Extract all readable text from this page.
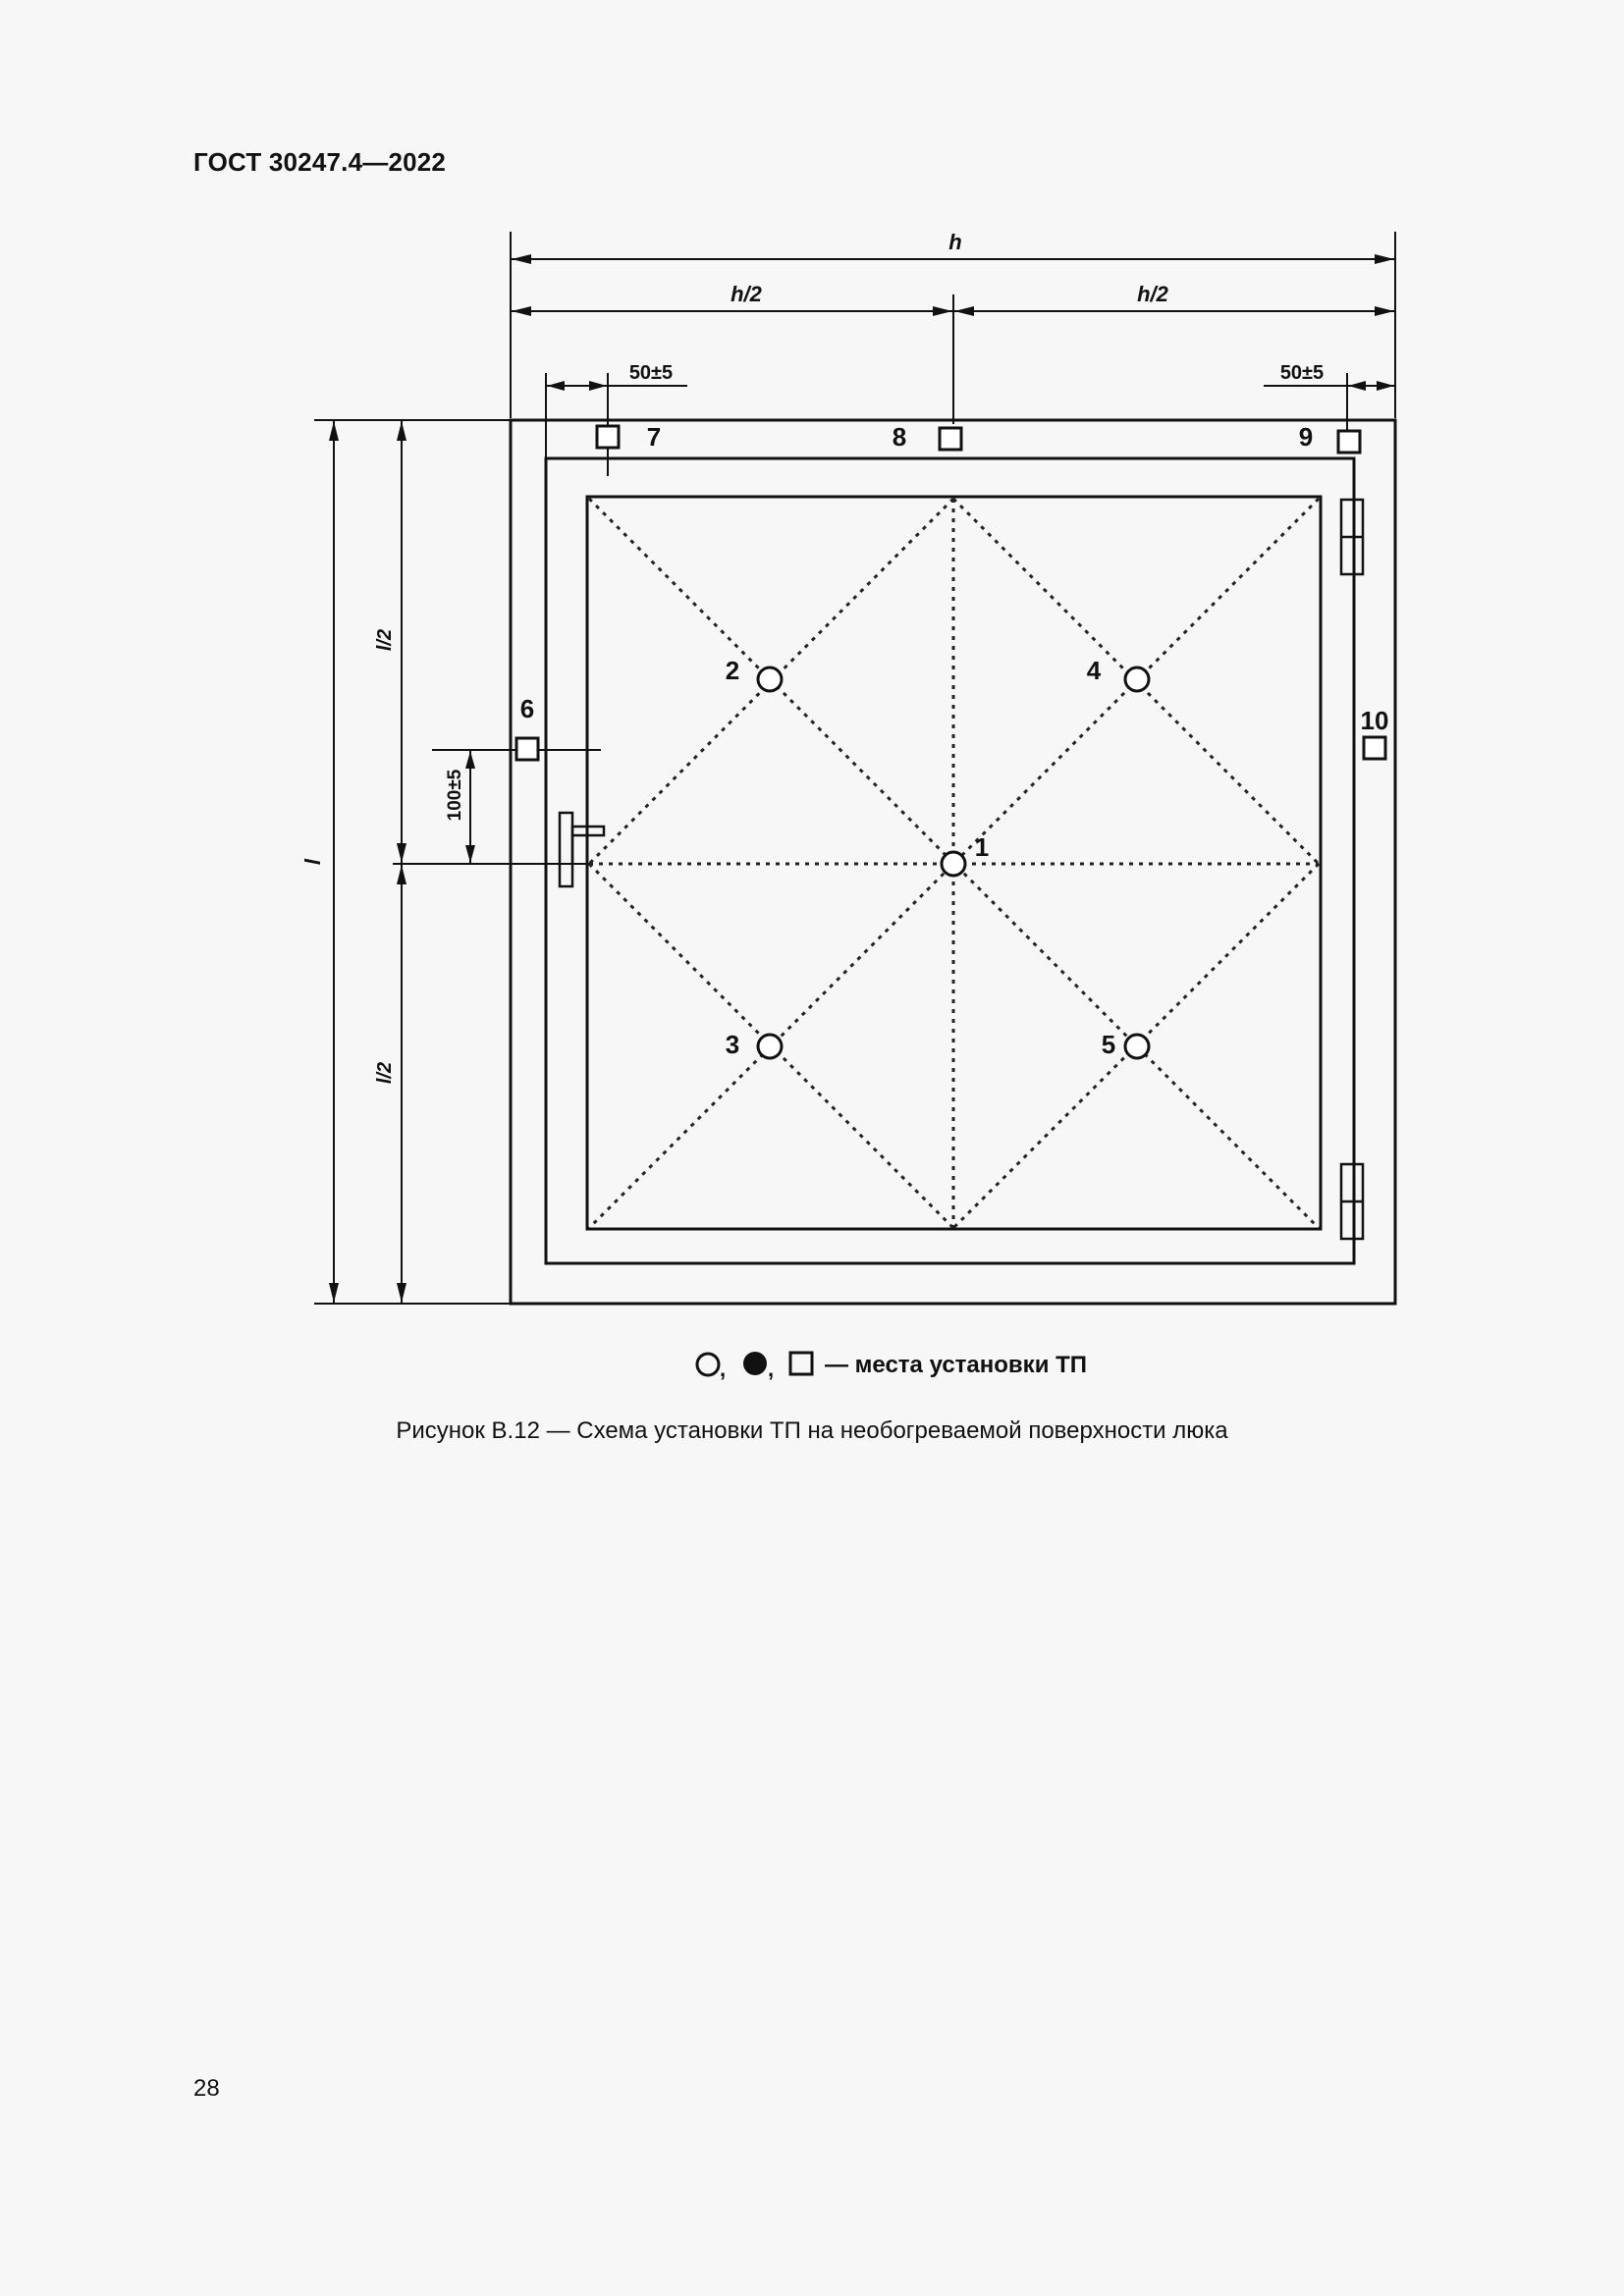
ГОСТ 30247.4—2022
h
h/2	h/2
50±5	50±5
l
l/2
l/2
100±5
1
2
3
4
5
6
7	8	9
10
, , — места установки ТП
Рисунок В.12 — Схема установки ТП на необогреваемой поверхности люка
28
